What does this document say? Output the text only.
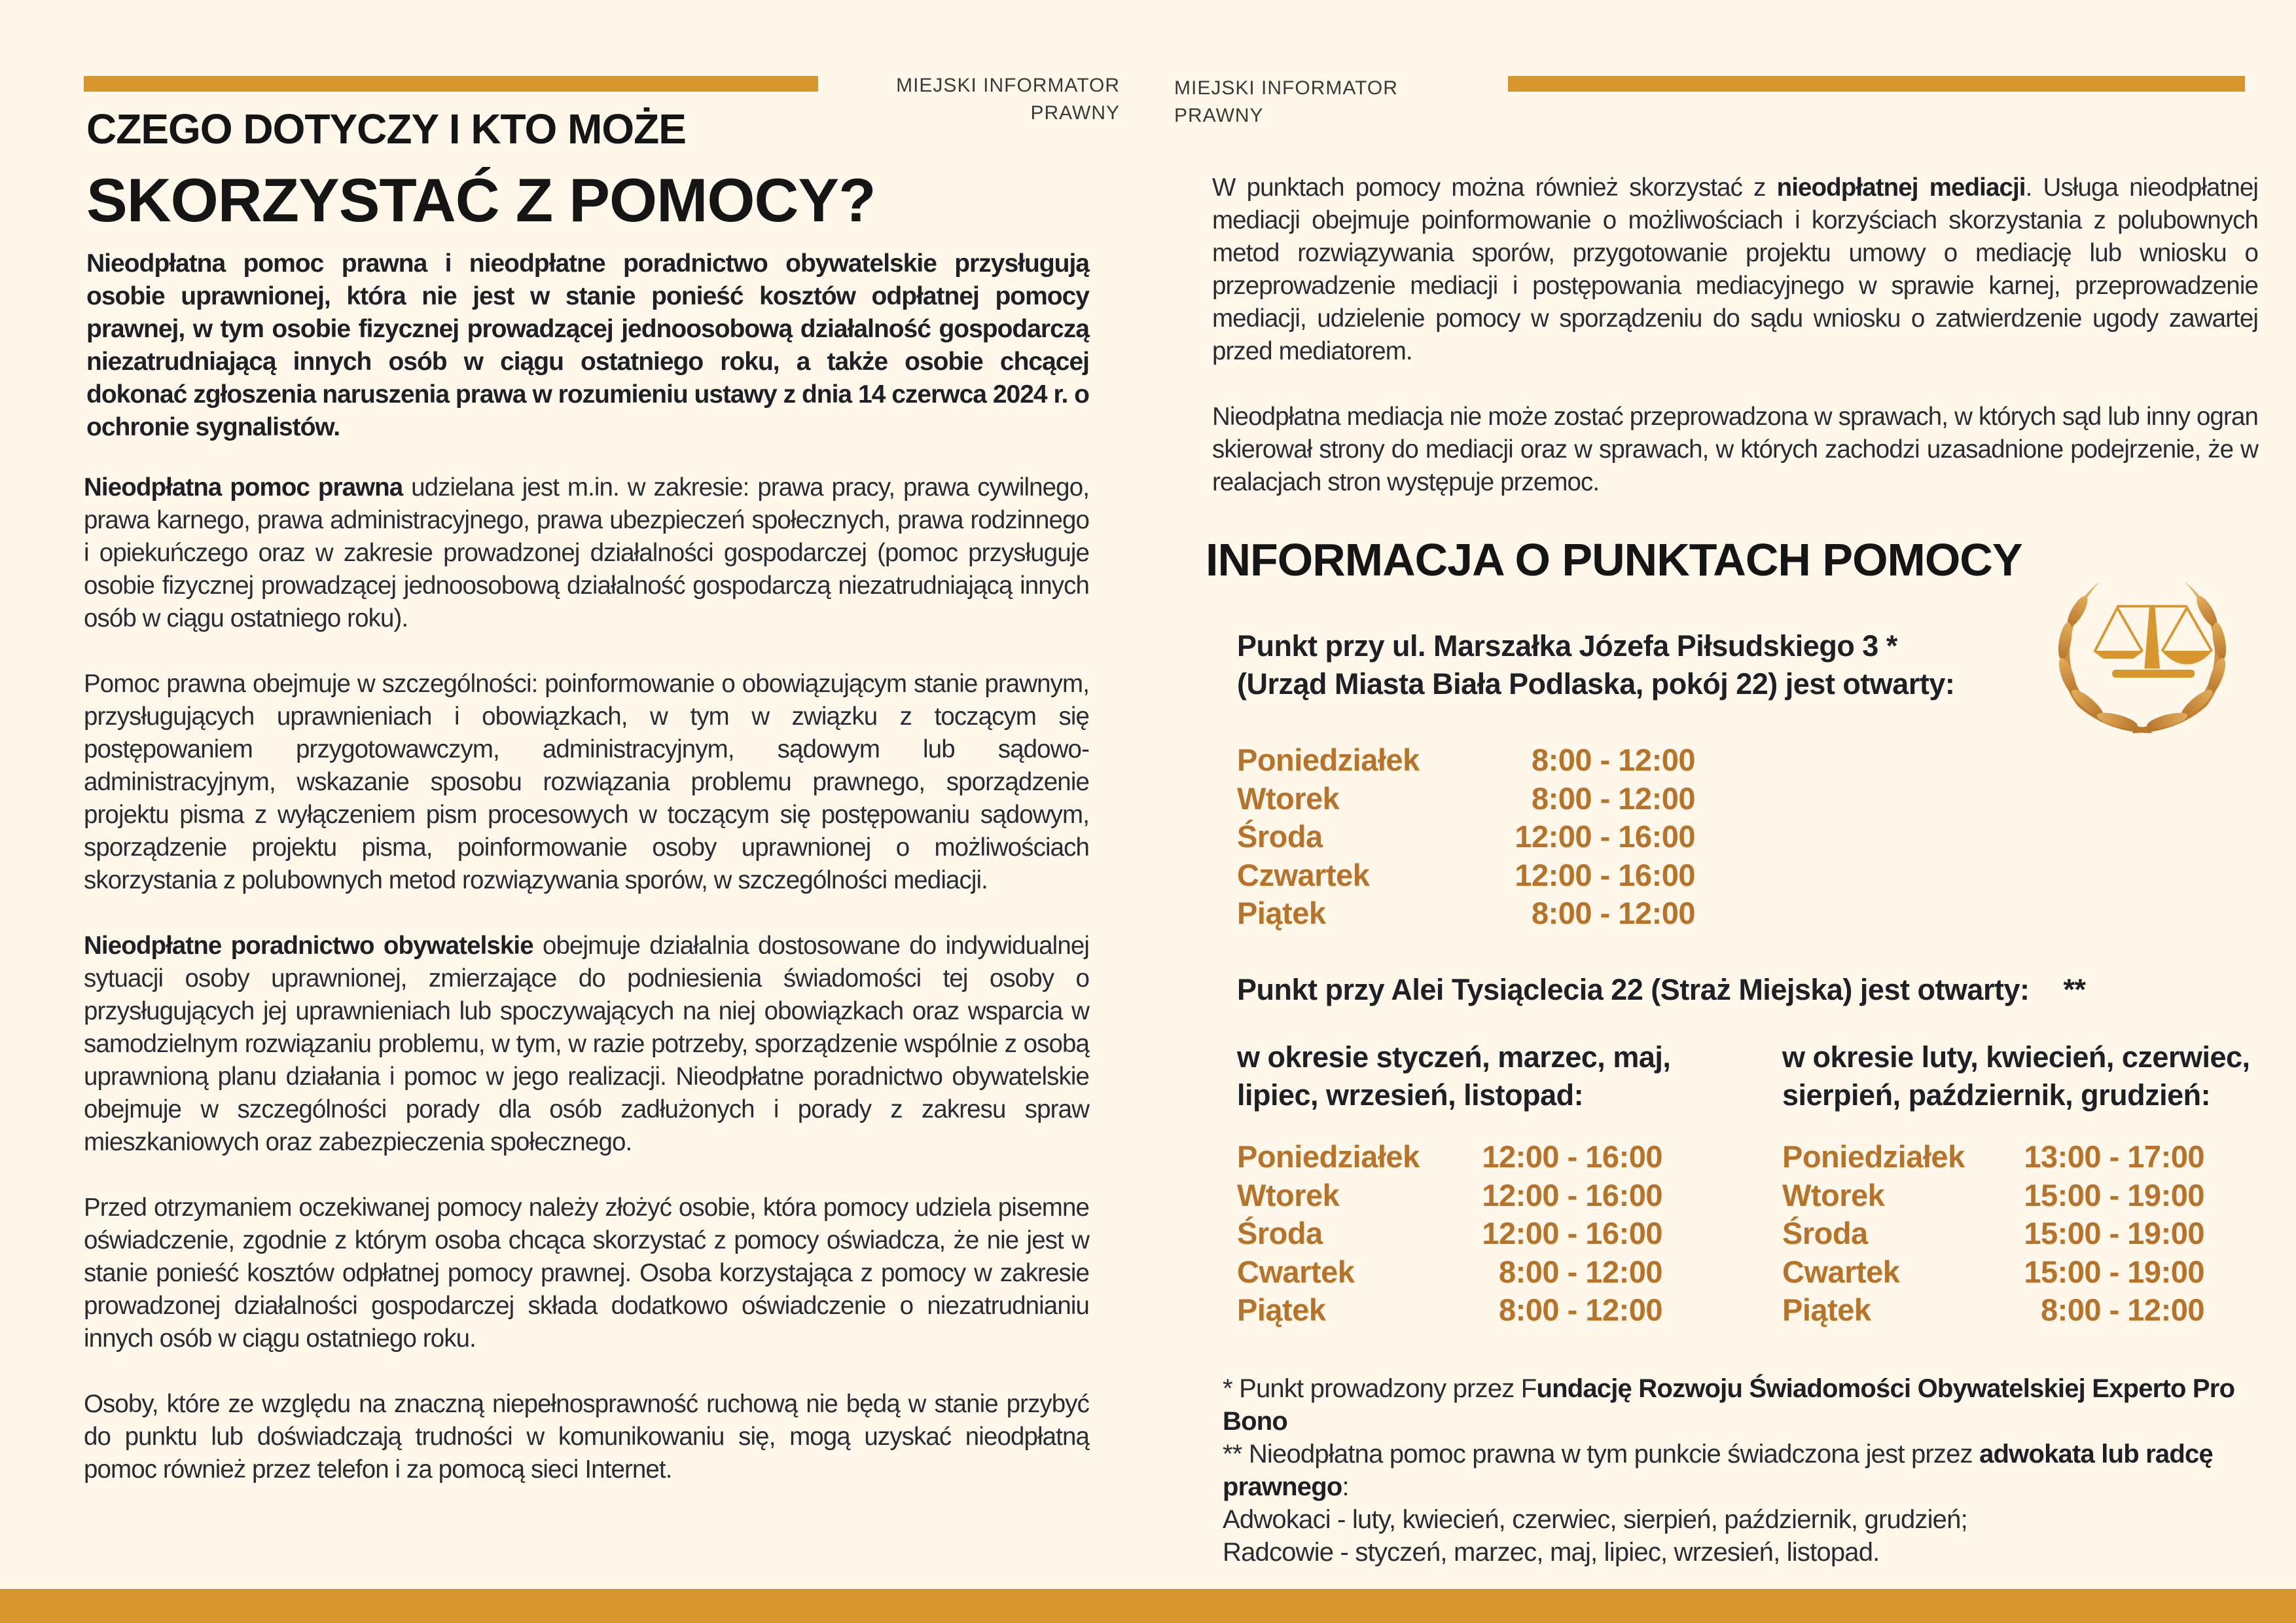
MIEJSKI INFORMATOR
PRAWNY
MIEJSKI INFORMATOR
PRAWNY
CZEGO DOTYCZY I KTO MOŻE
SKORZYSTAĆ Z POMOCY?
Nieodpłatna pomoc prawna i nieodpłatne poradnictwo obywatelskie przysługują osobie uprawnionej, która nie jest w stanie ponieść kosztów odpłatnej pomocy prawnej, w tym osobie fizycznej prowadzącej jednoosobową działalność gospodarczą niezatrudniającą innych osób w ciągu ostatniego roku, a także osobie chcącej dokonać zgłoszenia naruszenia prawa w rozumieniu ustawy z dnia 14 czerwca 2024 r. o ochronie sygnalistów.
Nieodpłatna pomoc prawna udzielana jest m.in. w zakresie: prawa pracy, prawa cywilnego, prawa karnego, prawa administracyjnego, prawa ubezpieczeń społecznych, prawa rodzinnego i opiekuńczego oraz w zakresie prowadzonej działalności gospodarczej (pomoc przysługuje osobie fizycznej prowadzącej jednoosobową działalność gospodarczą niezatrudniającą innych osób w ciągu ostatniego roku).
Pomoc prawna obejmuje w szczególności: poinformowanie o obowiązującym stanie prawnym, przysługujących uprawnieniach i obowiązkach, w tym w związku z toczącym się postępowaniem przygotowawczym, administracyjnym, sądowym lub sądowo-administracyjnym, wskazanie sposobu rozwiązania problemu prawnego, sporządzenie projektu pisma z wyłączeniem pism procesowych w toczącym się postępowaniu sądowym, sporządzenie projektu pisma, poinformowanie osoby uprawnionej o możliwościach skorzystania z polubownych metod rozwiązywania sporów, w szczególności mediacji.
Nieodpłatne poradnictwo obywatelskie obejmuje działalnia dostosowane do indywidualnej sytuacji osoby uprawnionej, zmierzające do podniesienia świadomości tej osoby o przysługujących jej uprawnieniach lub spoczywających na niej obowiązkach oraz wsparcia w samodzielnym rozwiązaniu problemu, w tym, w razie potrzeby, sporządzenie wspólnie z osobą uprawnioną planu działania i pomoc w jego realizacji. Nieodpłatne poradnictwo obywatelskie obejmuje w szczególności porady dla osób zadłużonych i porady z zakresu spraw mieszkaniowych oraz zabezpieczenia społecznego.
Przed otrzymaniem oczekiwanej pomocy należy złożyć osobie, która pomocy udziela pisemne oświadczenie, zgodnie z którym osoba chcąca skorzystać z pomocy oświadcza, że nie jest w stanie ponieść kosztów odpłatnej pomocy prawnej. Osoba korzystająca z pomocy w zakresie prowadzonej działalności gospodarczej składa dodatkowo oświadczenie o niezatrudnianiu innych osób w ciągu ostatniego roku.
Osoby, które ze względu na znaczną niepełnosprawność ruchową nie będą w stanie przybyć do punktu lub doświadczają trudności w komunikowaniu się, mogą uzyskać nieodpłatną pomoc również przez telefon i za pomocą sieci Internet.
W punktach pomocy można również skorzystać z nieodpłatnej mediacji. Usługa nieodpłatnej mediacji obejmuje poinformowanie o możliwościach i korzyściach skorzystania z polubownych metod rozwiązywania sporów, przygotowanie projektu umowy o mediację lub wniosku o przeprowadzenie mediacji i postępowania mediacyjnego w sprawie karnej, przeprowadzenie mediacji, udzielenie pomocy w sporządzeniu do sądu wniosku o zatwierdzenie ugody zawartej przed mediatorem.
Nieodpłatna mediacja nie może zostać przeprowadzona w sprawach, w których sąd lub inny ogran skierował strony do mediacji oraz w sprawach, w których zachodzi uzasadnione podejrzenie, że w realacjach stron występuje przemoc.
INFORMACJA O PUNKTACH POMOCY
Punkt przy ul. Marszałka Józefa Piłsudskiego 3 *
(Urząd Miasta Biała Podlaska, pokój 22) jest otwarty:
Poniedziałek	8:00 - 12:00
Wtorek	8:00 - 12:00
Środa	12:00 - 16:00
Czwartek	12:00 - 16:00
Piątek	8:00 - 12:00
Punkt przy Alei Tysiąclecia 22 (Straż Miejska) jest otwarty: **
w okresie styczeń, marzec, maj,
lipiec, wrzesień, listopad:
w okresie luty, kwiecień, czerwiec,
sierpień, październik, grudzień:
Poniedziałek 12:00 - 16:00
Wtorek	12:00 - 16:00
Środa	12:00 - 16:00
Cwartek	8:00 - 12:00
Piątek	8:00 - 12:00
Poniedziałek 13:00 - 17:00
Wtorek	15:00 - 19:00
Środa	15:00 - 19:00
Cwartek	15:00 - 19:00
Piątek	8:00 - 12:00
* Punkt prowadzony przez Fundację Rozwoju Świadomości Obywatelskiej Experto Pro Bono
** Nieodpłatna pomoc prawna w tym punkcie świadczona jest przez adwokata lub radcę prawnego:
Adwokaci - luty, kwiecień, czerwiec, sierpień, październik, grudzień;
Radcowie - styczeń, marzec, maj, lipiec, wrzesień, listopad.
